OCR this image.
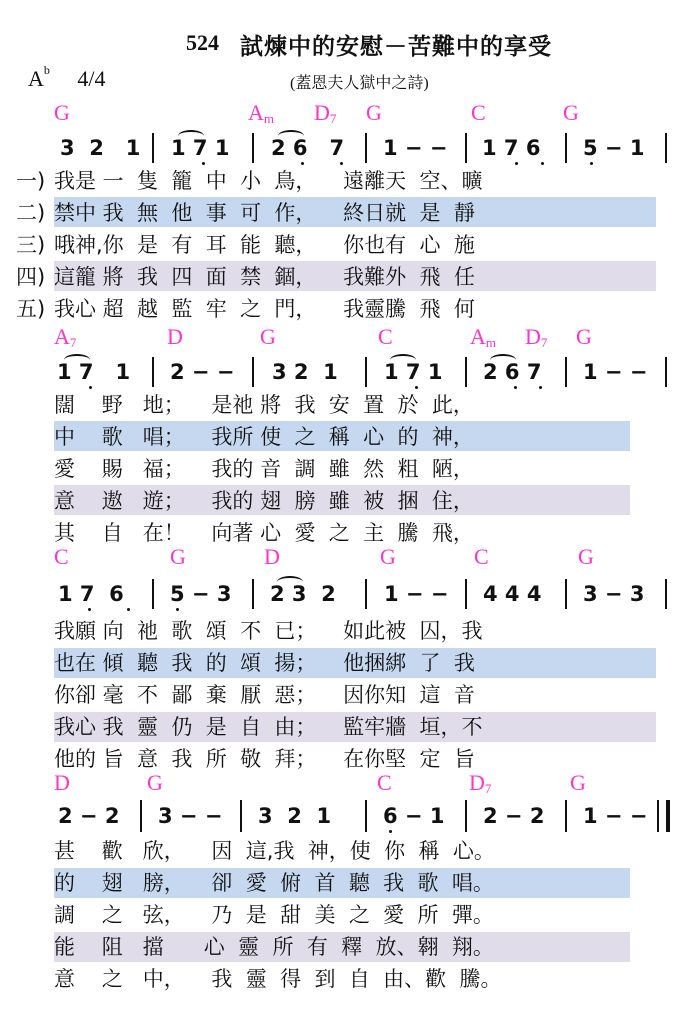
524 試煉中的安慰－苦難中的享受
$A^b$ 4/4	(蓋恩夫人獄中之詩)
G	$A_m$ $D_7$ G	C	G
3  2   1 1 7 1 2 6   7 1 − − 1 7 6 5 − 1
一) 我是 一  隻  籠  中  小  鳥，    遠離天  空、曠
二) 禁中 我  無  他  事  可  作，    終日就  是  靜
三) 哦神,你  是  有  耳  能  聽，    你也有  心  施
四) 這籠 將  我  四  面  禁  錮，    我難外  飛  任
五) 我心 超  越  監  牢  之  門，    我靈騰  飛  何
$A_7$	D	G	C	$A_m$ $D_7$ G
1 7   1 2 − − 3 2  1 1 7 1 2 6 7 1 − −
闊    野   地；    是祂 將  我  安  置  於  此，
中    歌   唱；    我所 使  之  稱  心  的  神，
愛    賜   福；    我的 音  調  雖  然  粗  陋，
意    遨   遊；    我的 翅  膀  雖  被  捆  住，
其    自   在！    向著 心  愛  之  主  騰  飛，
C	G	D	G	C	G
1 7  6 5 − 3 2 3  2 1 − − 4 4 4 3 − 3
我願 向  祂  歌  頌  不  已；    如此被  囚，我
也在 傾  聽  我  的  頌  揚；    他捆綁  了  我
你卻 毫  不  鄙  棄  厭  惡；    因你知  這  音
我心 我  靈  仍  是  自  由；    監牢牆  垣，不
他的 旨  意  我  所  敬  拜；    在你堅  定  旨
D	G	C	$D_7$	G
2 − 2 3 − − 3  2  1 6 − 1 2 − 2 1 − −
甚    歡   欣，    因  這,我  神，使  你  稱  心。
的    翅   膀，    卻  愛  俯  首  聽  我  歌  唱。
調    之   弦，    乃  是  甜  美  之  愛  所  彈。
能    阻   擋      心  靈  所  有  釋  放、翱  翔。
意    之   中，    我  靈  得  到  自  由、歡  騰。
